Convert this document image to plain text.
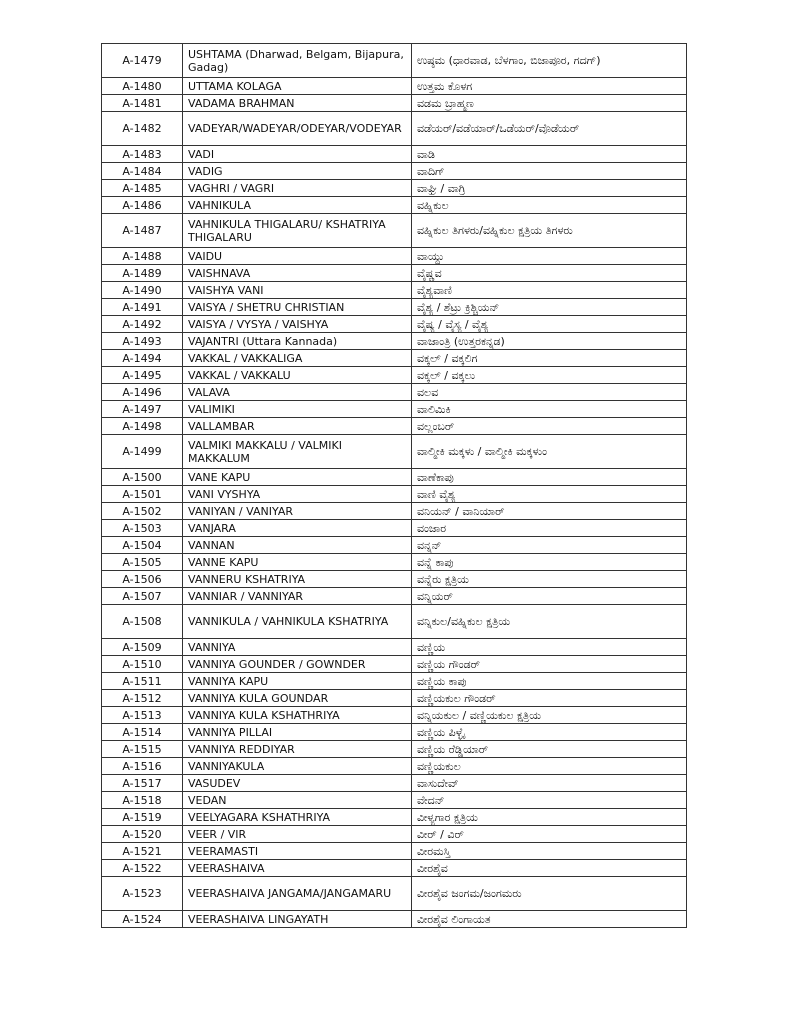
A-1479	USHTAMA (Dharwad, Belgam, Bijapura, Gadag)	ಉಷ್ಠಮ (ಧಾರವಾಡ, ಬೆಳಗಾಂ, ಬಿಜಾಪೂರ, ಗದಗ್)
A-1480	UTTAMA KOLAGA	ಉತ್ತಮ ಕೊಳಗ
A-1481	VADAMA BRAHMAN	ವಡಮ ಬ್ರಾಹ್ಮಣ
A-1482	VADEYAR/WADEYAR/ODEYAR/VODEYAR	ವಡೆಯರ್/ವಡೆಯಾರ್/ಒಡೆಯರ್/ವೊಡೆಯರ್
A-1483	VADI	ವಾಡಿ
A-1484	VADIG	ವಾದಿಗ್
A-1485	VAGHRI / VAGRI	ವಾಘ್ರಿ / ವಾಗ್ರಿ
A-1486	VAHNIKULA	ವಹ್ನಿಕುಲ
A-1487	VAHNIKULA THIGALARU/ KSHATRIYA THIGALARU	ವಹ್ನಿಕುಲ ತಿಗಳರು/ವಹ್ನಿಕುಲ ಕ್ಷತ್ರಿಯ ತಿಗಳರು
A-1488	VAIDU	ವಾಯ್ದು
A-1489	VAISHNAVA	ವೈಷ್ಣವ
A-1490	VAISHYA VANI	ವೈಶ್ಯವಾಣಿ
A-1491	VAISYA / SHETRU CHRISTIAN	ವೈಶ್ಯ / ಶೆಟ್ರು ಕ್ರಿಶ್ಚಿಯನ್
A-1492	VAISYA / VYSYA / VAISHYA	ವೈಷ್ಯ / ವೈಸ್ಯ / ವೈಶ್ಯ
A-1493	VAJANTRI (Uttara Kannada)	ವಾಜಾಂತ್ರಿ (ಉತ್ತರಕನ್ನಡ)
A-1494	VAKKAL / VAKKALIGA	ವಕ್ಕಲ್ / ವಕ್ಕಲಿಗ
A-1495	VAKKAL / VAKKALU	ವಕ್ಕಲ್ / ವಕ್ಕಲು
A-1496	VALAVA	ವಲವ
A-1497	VALIMIKI	ವಾಲಿಮಿಕಿ
A-1498	VALLAMBAR	ವಲ್ಲಂಬರ್
A-1499	VALMIKI MAKKALU / VALMIKI MAKKALUM	ವಾಲ್ಮೀಕಿ ಮಕ್ಕಳು / ವಾಲ್ಮೀಕಿ ಮಕ್ಕಳುಂ
A-1500	VANE KAPU	ವಾಣೆಕಾಪು
A-1501	VANI VYSHYA	ವಾಣಿ ವೈಶ್ಯ
A-1502	VANIYAN / VANIYAR	ವನಿಯನ್ / ವಾನಿಯಾರ್
A-1503	VANJARA	ವಂಜಾರ
A-1504	VANNAN	ವನ್ನನ್
A-1505	VANNE KAPU	ವನ್ನೆ ಕಾಪು
A-1506	VANNERU KSHATRIYA	ವನ್ನೆರು ಕ್ಷತ್ರಿಯ
A-1507	VANNIAR / VANNIYAR	ವನ್ನಿಯರ್
A-1508	VANNIKULA / VAHNIKULA KSHATRIYA	ವನ್ನಿಕುಲ/ವಹ್ನಿಕುಲ ಕ್ಷತ್ರಿಯ
A-1509	VANNIYA	ವಣ್ಣಿಯ
A-1510	VANNIYA GOUNDER / GOWNDER	ವಣ್ಣಿಯ ಗೌಂಡರ್
A-1511	VANNIYA KAPU	ವಣ್ಣಿಯ ಕಾಪು
A-1512	VANNIYA KULA GOUNDAR	ವಣ್ಣಿಯಕುಲ ಗೌಂಡರ್
A-1513	VANNIYA KULA KSHATHRIYA	ವನ್ನಿಯಕುಲ / ವಣ್ಣಿಯಕುಲ ಕ್ಷತ್ರಿಯ
A-1514	VANNIYA PILLAI	ವಣ್ಣಿಯ ಪಿಳ್ಳೈ
A-1515	VANNIYA REDDIYAR	ವಣ್ಣಿಯ ರೆಡ್ಡಿಯಾರ್
A-1516	VANNIYAKULA	ವಣ್ಣಿಯಕುಲ
A-1517	VASUDEV	ವಾಸುದೇವ್
A-1518	VEDAN	ವೇದನ್
A-1519	VEELYAGARA KSHATHRIYA	ವೀಳ್ಯಗಾರ ಕ್ಷತ್ರಿಯ
A-1520	VEER / VIR	ವೀರ್ / ವಿರ್
A-1521	VEERAMASTI	ವೀರಮಸ್ತಿ
A-1522	VEERASHAIVA	ವೀರಶೈವ
A-1523	VEERASHAIVA JANGAMA/JANGAMARU	ವೀರಶೈವ ಜಂಗಮ/ಜಂಗಮರು
A-1524	VEERASHAIVA LINGAYATH	ವೀರಶೈವ ಲಿಂಗಾಯತ
